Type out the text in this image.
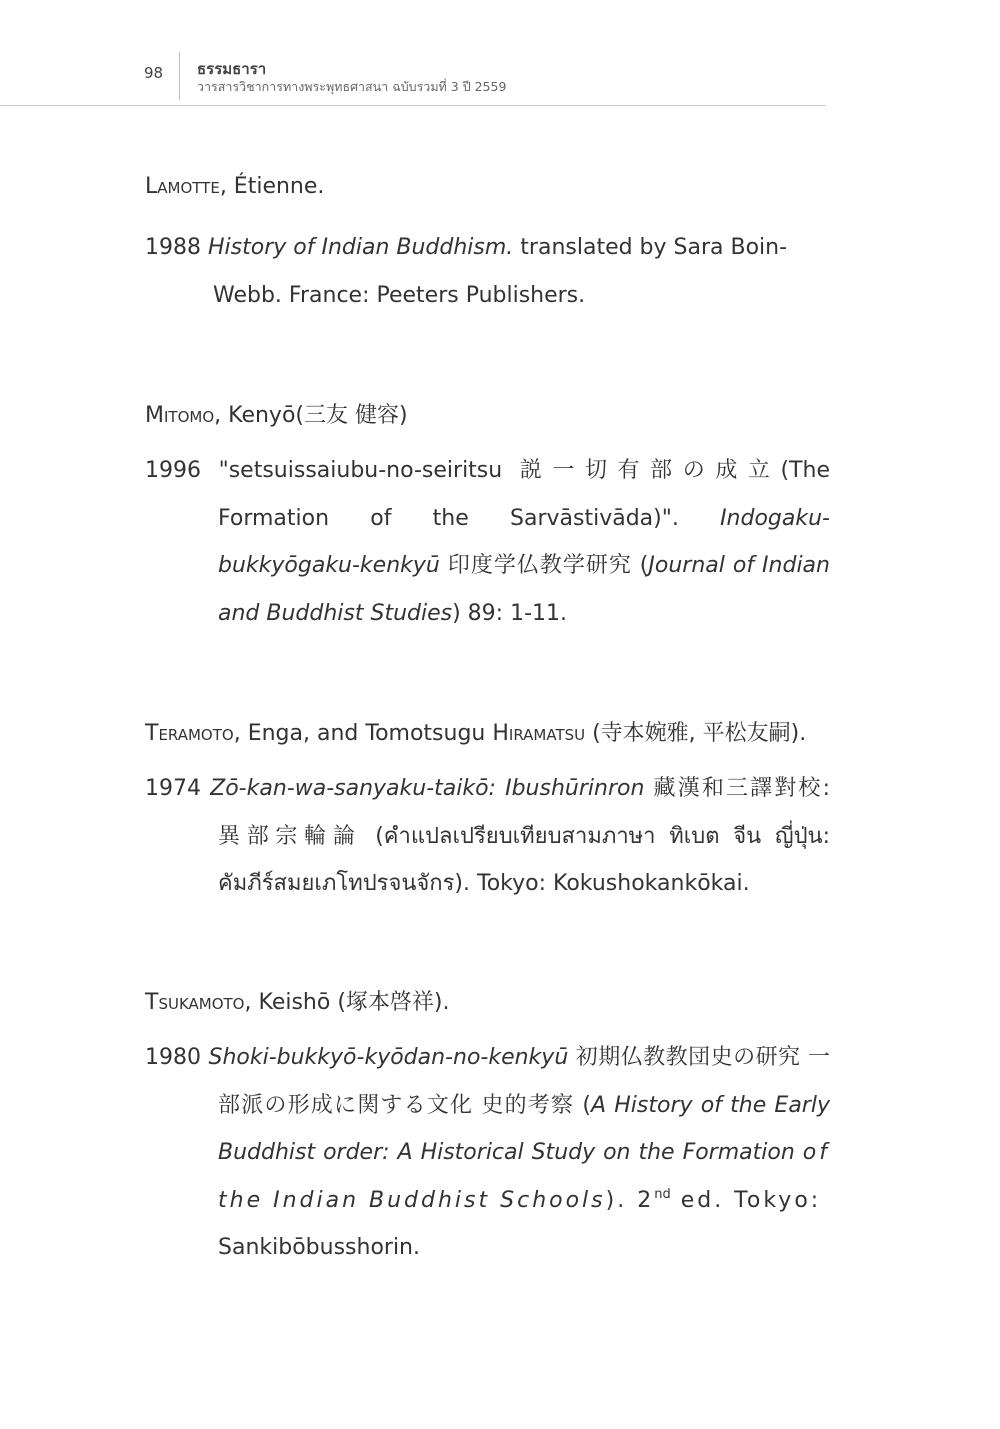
98 ธรรมธารา
วารสารวิชาการทางพระพุทธศาสนา ฉบับรวมที่ 3 ปี 2559
Lamotte, Étienne.
1988 History of Indian Buddhism. translated by Sara Boin-
Webb. France: Peeters Publishers.
Mitomo, Kenyō(三友 健容)
1996 "setsuissaiubu-no-seiritsu 説一切有部の成立(The Formation of the Sarvāstivāda)". Indogaku-bukkyōgaku-kenkyū 印度学仏教学研究 (Journal of Indian and Buddhist Studies) 89: 1-11.
Teramoto, Enga, and Tomotsugu Hiramatsu (寺本婉雅, 平松友嗣).
1974 Zō-kan-wa-sanyaku-taikō: Ibushūrinron 藏漢和三譯對校: 異部宗輪論 (คำแปลเปรียบเทียบสามภาษา ทิเบต จีน ญี่ปุ่น: คัมภีร์สมยเภโทปรจนจักร). Tokyo: Kokushokankōkai.
Tsukamoto, Keishō (塚本啓祥).
1980 Shoki-bukkyō-kyōdan-no-kenkyū 初期仏教教団史の研究 一 部派の形成に関する文化 史的考察 (A History of the Early Buddhist order: A Historical Study on the Formation of the Indian Buddhist Schools). 2nd ed. Tokyo:
Sankibōbusshorin.
